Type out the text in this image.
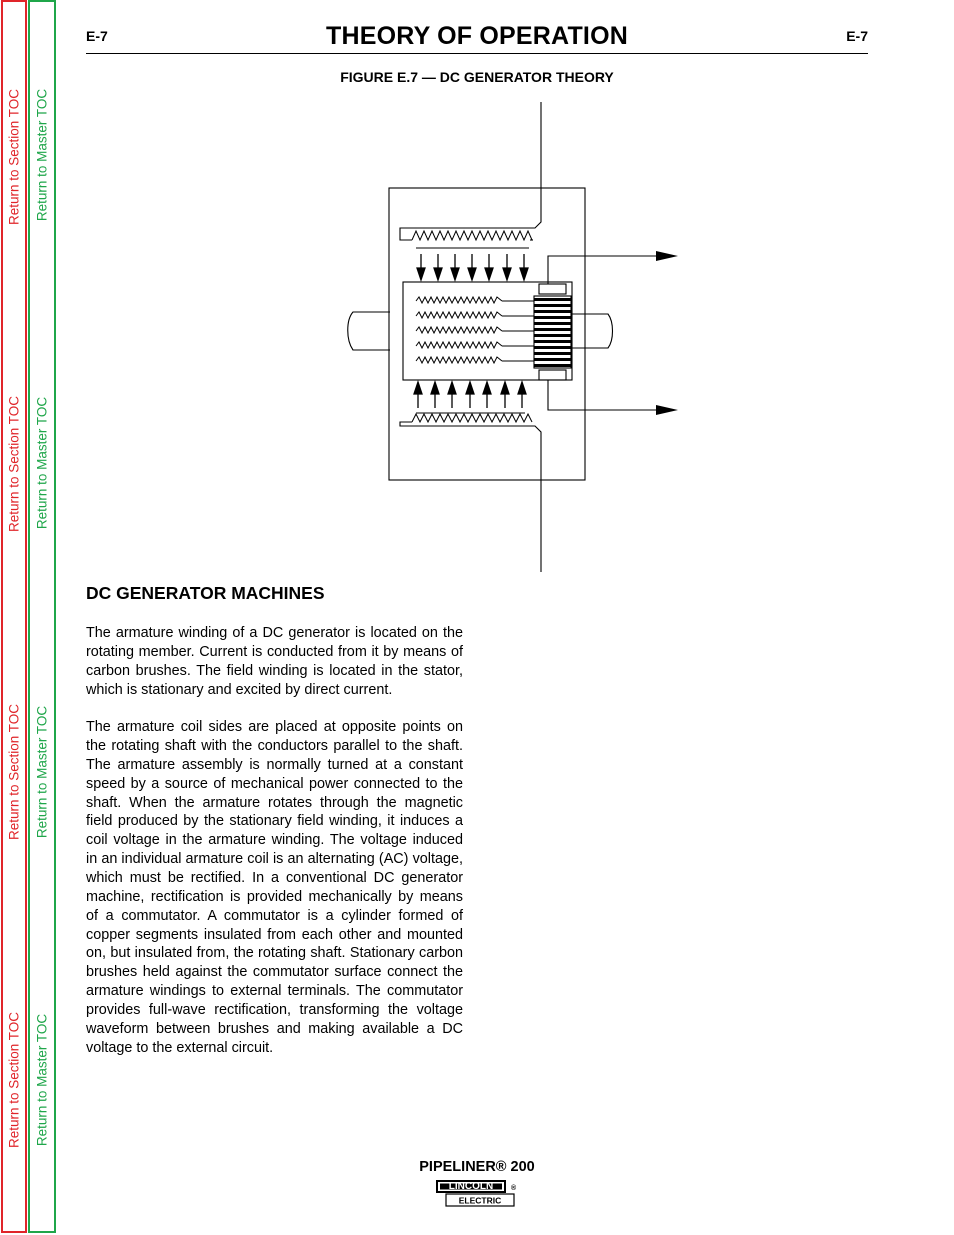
Return to Section TOC
Return to Section TOC
Return to Section TOC
Return to Section TOC
Return to Master TOC
Return to Master TOC
Return to Master TOC
Return to Master TOC
E-7	THEORY OF OPERATION	E-7
FIGURE E.7 — DC GENERATOR THEORY
DC GENERATOR MACHINES

The armature winding of a DC generator is located on the rotating member. Current is conducted from it by means of carbon brushes. The field winding is located in the stator, which is stationary and excited by direct current.

The armature coil sides are placed at opposite points on the rotating shaft with the conductors parallel to the shaft. The armature assembly is normally turned at a constant speed by a source of mechanical power connected to the shaft. When the armature rotates through the magnetic field produced by the stationary field winding, it induces a coil voltage in the armature winding. The voltage induced in an individual armature coil is an alternating (AC) voltage, which must be rectified. In a conventional DC generator machine, rectification is provided mechanically by means of a commutator. A commutator is a cylinder formed of copper segments insulated from each other and mounted on, but insulated from, the rotating shaft. Stationary carbon brushes held against the commutator surface connect the armature windings to external terminals. The commutator provides full-wave rectification, transforming the voltage waveform between brushes and making available a DC voltage to the external circuit.

PIPELINER® 200
LINCOLN
ELECTRIC
®
